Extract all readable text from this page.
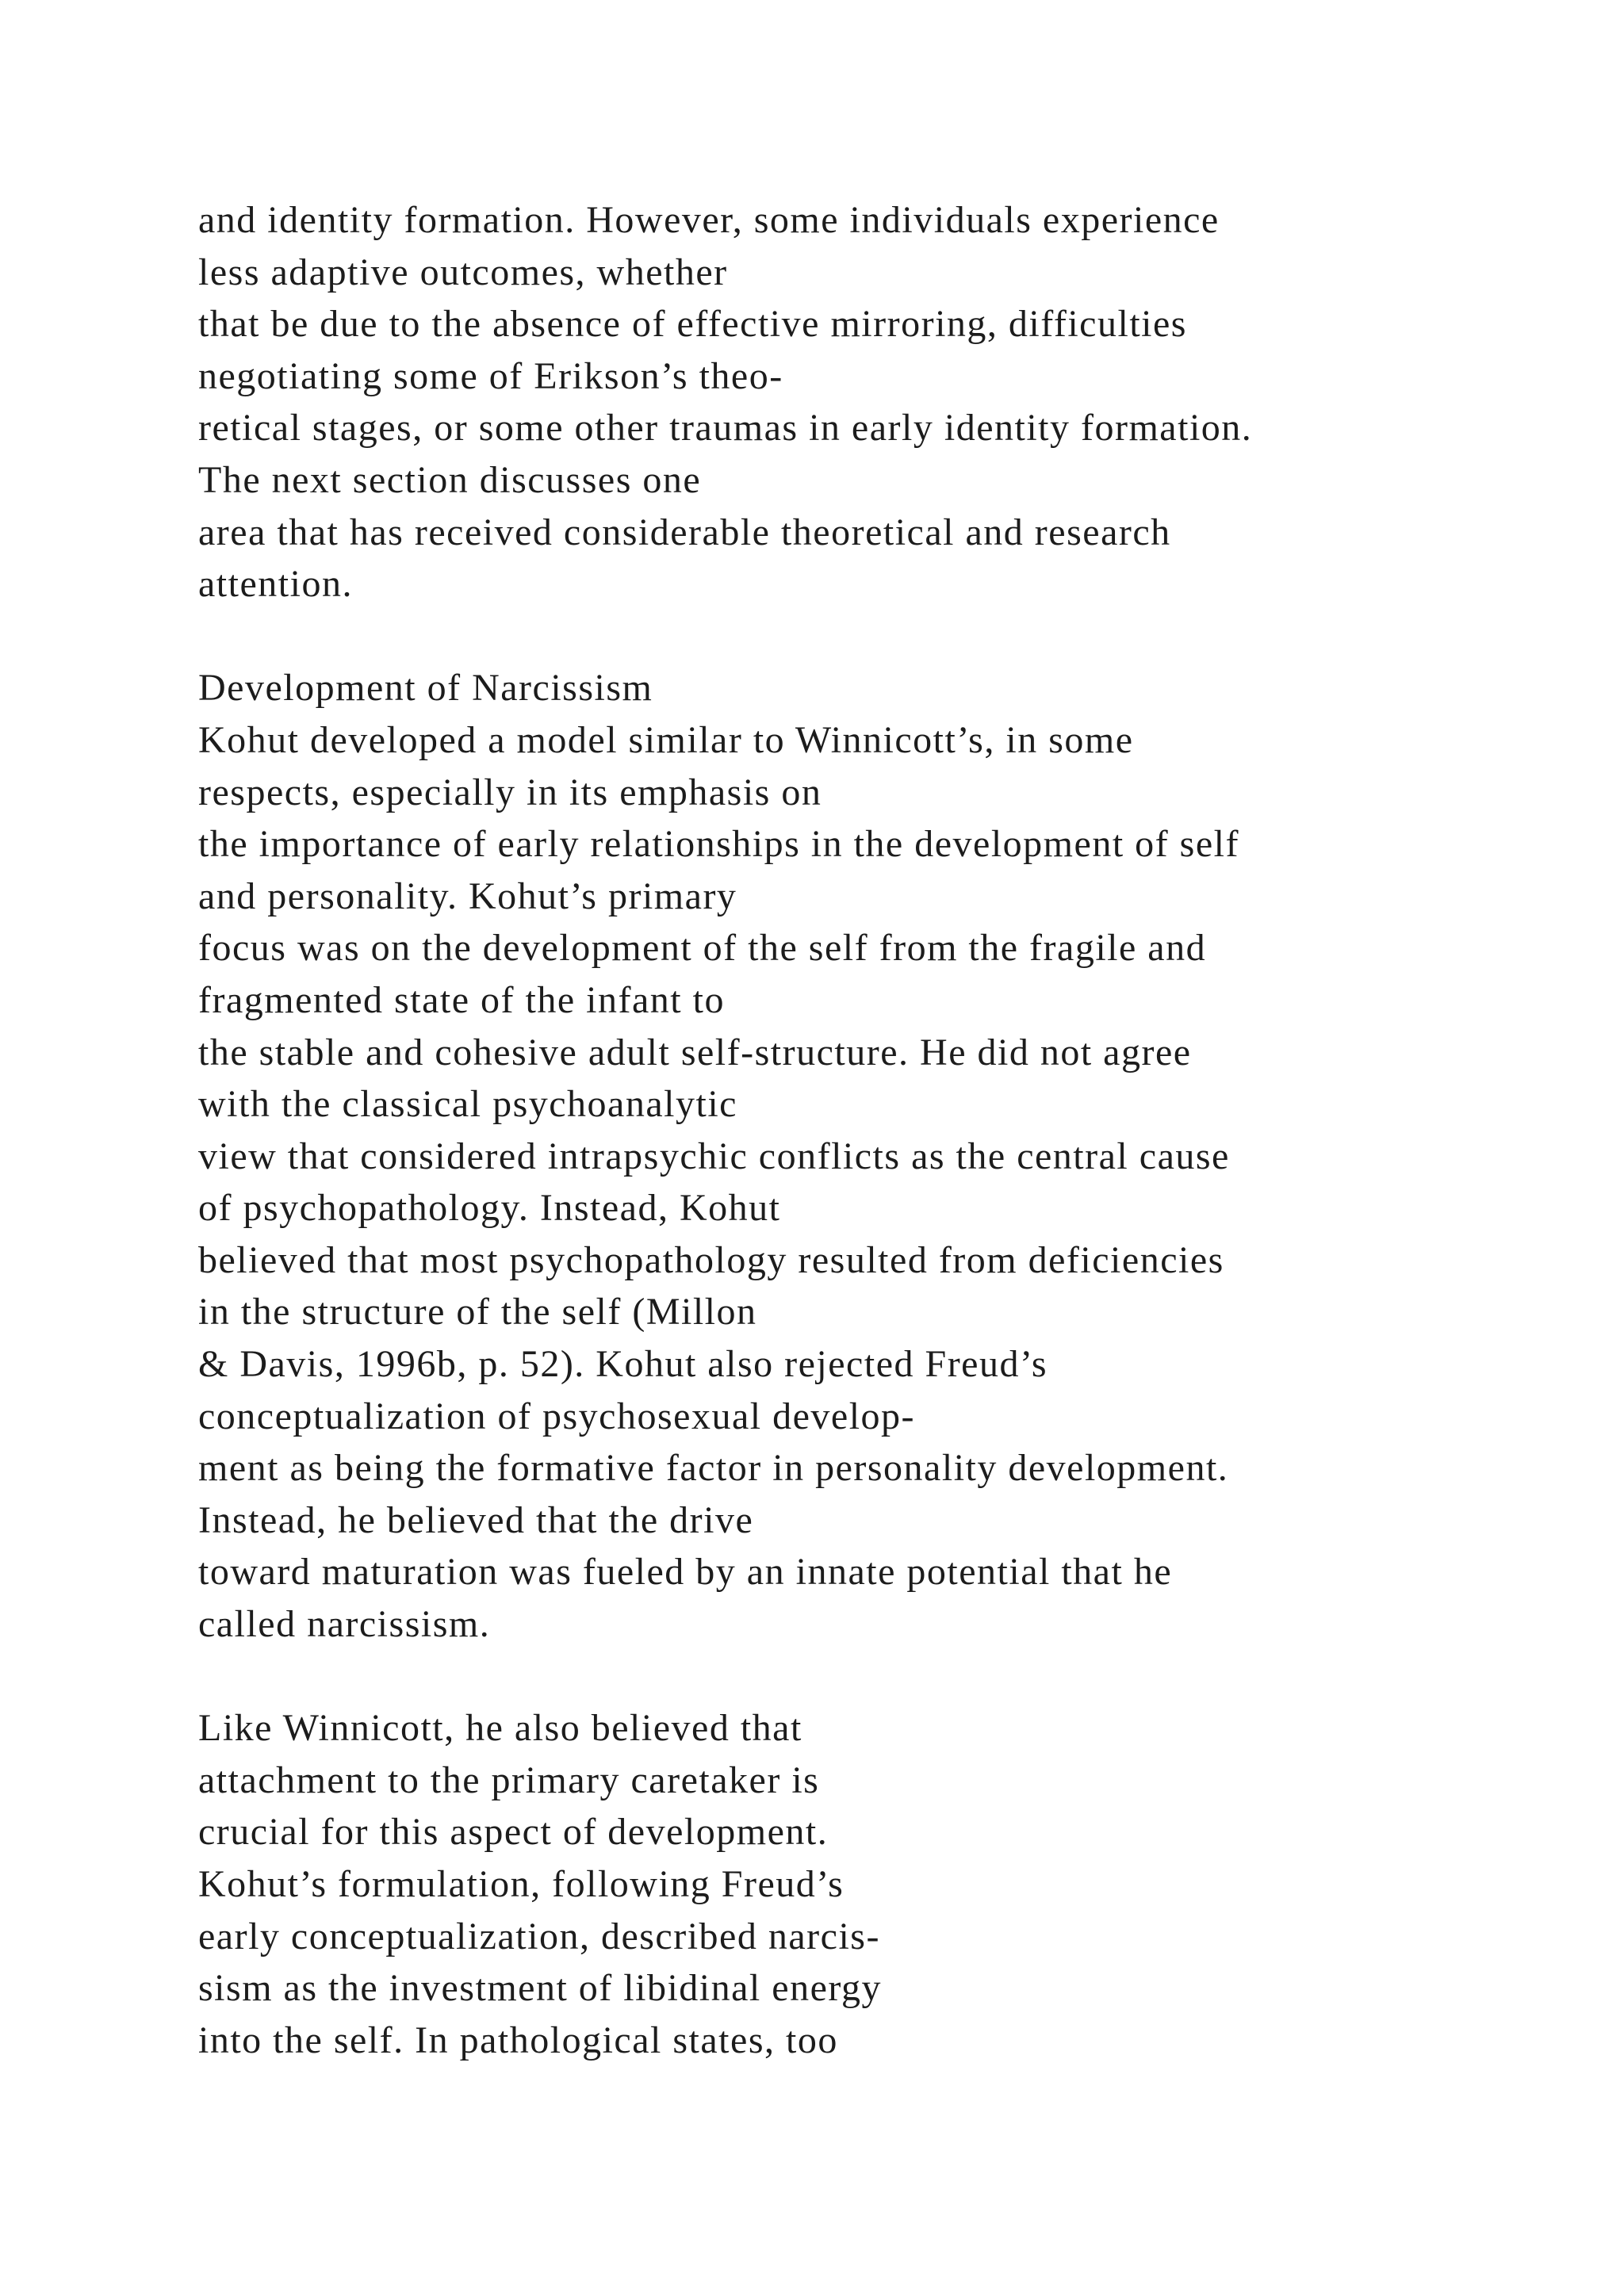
and identity formation. However, some individuals experience
less adaptive outcomes, whether
that be due to the absence of effective mirroring, difficulties
negotiating some of Erikson’s theo-
retical stages, or some other traumas in early identity formation.
The next section discusses one
area that has received considerable theoretical and research
attention.
Development of Narcissism
Kohut developed a model similar to Winnicott’s, in some
respects, especially in its emphasis on
the importance of early relationships in the development of self
and personality. Kohut’s primary
focus was on the development of the self from the fragile and
fragmented state of the infant to
the stable and cohesive adult self-structure. He did not agree
with the classical psychoanalytic
view that considered intrapsychic conflicts as the central cause
of psychopathology. Instead, Kohut
believed that most psychopathology resulted from deficiencies
in the structure of the self (Millon
& Davis, 1996b, p. 52). Kohut also rejected Freud’s
conceptualization of psychosexual develop-
ment as being the formative factor in personality development.
Instead, he believed that the drive
toward maturation was fueled by an innate potential that he
called narcissism.
Like Winnicott, he also believed that
attachment to the primary caretaker is
crucial for this aspect of development.
Kohut’s formulation, following Freud’s
early conceptualization, described narcis-
sism as the investment of libidinal energy
into the self. In pathological states, too
